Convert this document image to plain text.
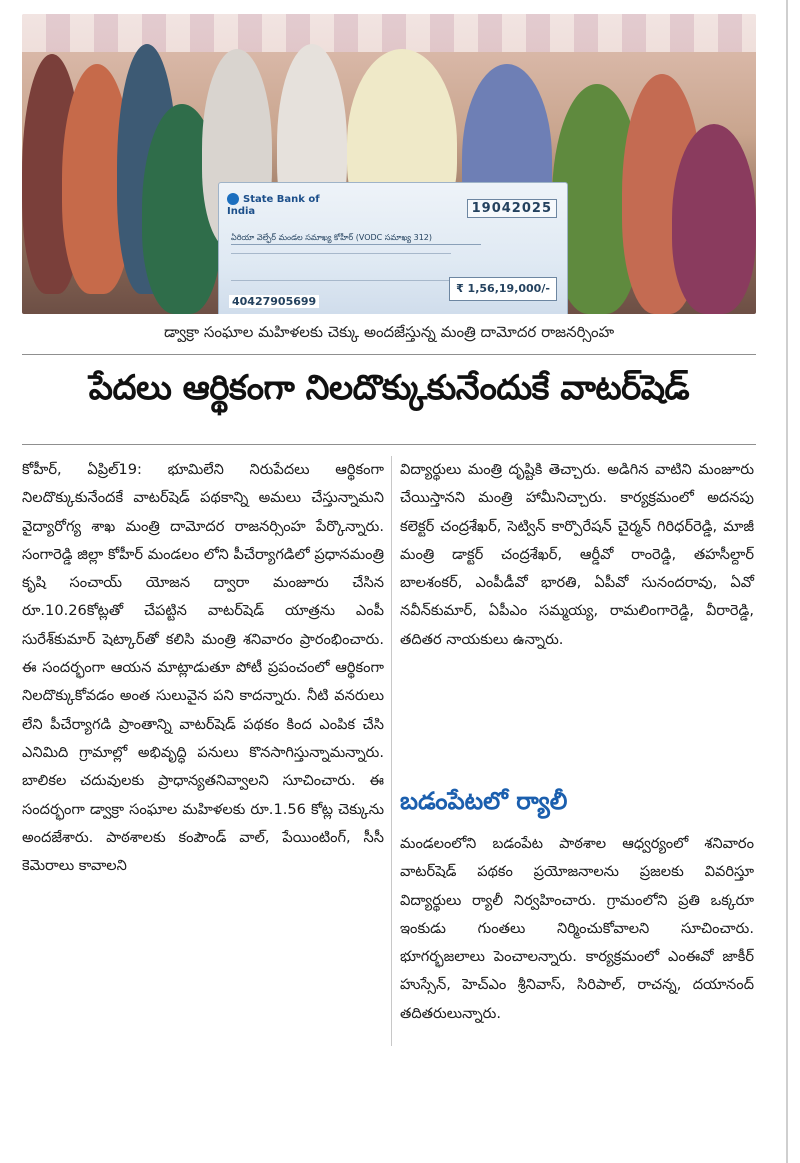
State Bank of India	19042025
ఏరియా వెల్ఫేర్ మండల సమాఖ్య కోహీర్ (VODC సమాఖ్య 312)
₹ 1,56,19,000/-
40427905699
డ్వాక్రా సంఘాల మహిళలకు చెక్కు అందజేస్తున్న మంత్రి దామోదర రాజనర్సింహ
పేదలు ఆర్థికంగా నిలదొక్కుకునేందుకే వాటర్‌షెడ్

కోహీర్, ఏప్రిల్19: భూమిలేని నిరుపేదలు ఆర్థికంగా నిలదొక్కుకునేందకే వాటర్‌షెడ్ పథకాన్ని అమలు చేస్తున్నామని వైద్యారోగ్య శాఖ మంత్రి దామోదర రాజనర్సింహ పేర్కొన్నారు. సంగారెడ్డి జిల్లా కోహీర్ మండలం లోని పీచేర్యాగడిలో ప్రధానమంత్రి కృషి సంచాయ్ యోజన ద్వారా మంజూరు చేసిన రూ.10.26కోట్లతో చేపట్టిన వాటర్‌షెడ్ యాత్రను ఎంపీ సురేశ్‌కుమార్ షెట్కార్‌తో కలిసి మంత్రి శనివారం ప్రారంభించారు. ఈ సందర్భంగా ఆయన మాట్లాడుతూ పోటీ ప్రపంచంలో ఆర్థికంగా నిలదొక్కుకోవడం అంత సులువైన పని కాదన్నారు. నీటి వనరులు లేని పీచేర్యాగడి ప్రాంతాన్ని వాటర్‌షెడ్ పథకం కింద ఎంపిక చేసి ఎనిమిది గ్రామాల్లో అభివృద్ధి పనులు కొనసాగిస్తున్నామన్నారు. బాలికల చదువులకు ప్రాధాన్యతనివ్వాలని సూచించారు. ఈ సందర్భంగా డ్వాక్రా సంఘాల మహిళలకు రూ.1.56 కోట్ల చెక్కును అందజేశారు. పాఠశాలకు కంపౌండ్ వాల్, పేయింటింగ్, సీసీ కెమెరాలు కావాలని

విద్యార్థులు మంత్రి దృష్టికి తెచ్చారు. అడిగిన వాటిని మంజూరు చేయిస్తానని మంత్రి హామీనిచ్చారు. కార్యక్రమంలో అదనపు కలెక్టర్ చంద్రశేఖర్, సెట్విన్ కార్పొరేషన్ చైర్మన్ గిరిధర్‌రెడ్డి, మాజీ మంత్రి డాక్టర్ చంద్రశేఖర్, ఆర్డీవో రాంరెడ్డి, తహసీల్దార్ బాలశంకర్, ఎంపీడీవో భారతి, ఏపీవో సునందరావు, ఏవో నవీన్‌కుమార్, ఏపీఎం సమ్మయ్య, రామలింగారెడ్డి, వీరారెడ్డి, తదితర నాయకులు ఉన్నారు.

బడంపేటలో ర్యాలీ

మండలంలోని బడంపేట పాఠశాల ఆధ్వర్యంలో శనివారం వాటర్‌షెడ్ పథకం ప్రయోజనాలను ప్రజలకు వివరిస్తూ విద్యార్థులు ర్యాలీ నిర్వహించారు. గ్రామంలోని ప్రతి ఒక్కరూ ఇంకుడు గుంతలు నిర్మించుకోవాలని సూచించారు. భూగర్భజలాలు పెంచాలన్నారు. కార్యక్రమంలో ఎంఈవో జాకీర్ హుస్సేన్, హెచ్ఎం శ్రీనివాస్, సిరిపాల్, రాచన్న, దయానంద్ తదితరులున్నారు.
